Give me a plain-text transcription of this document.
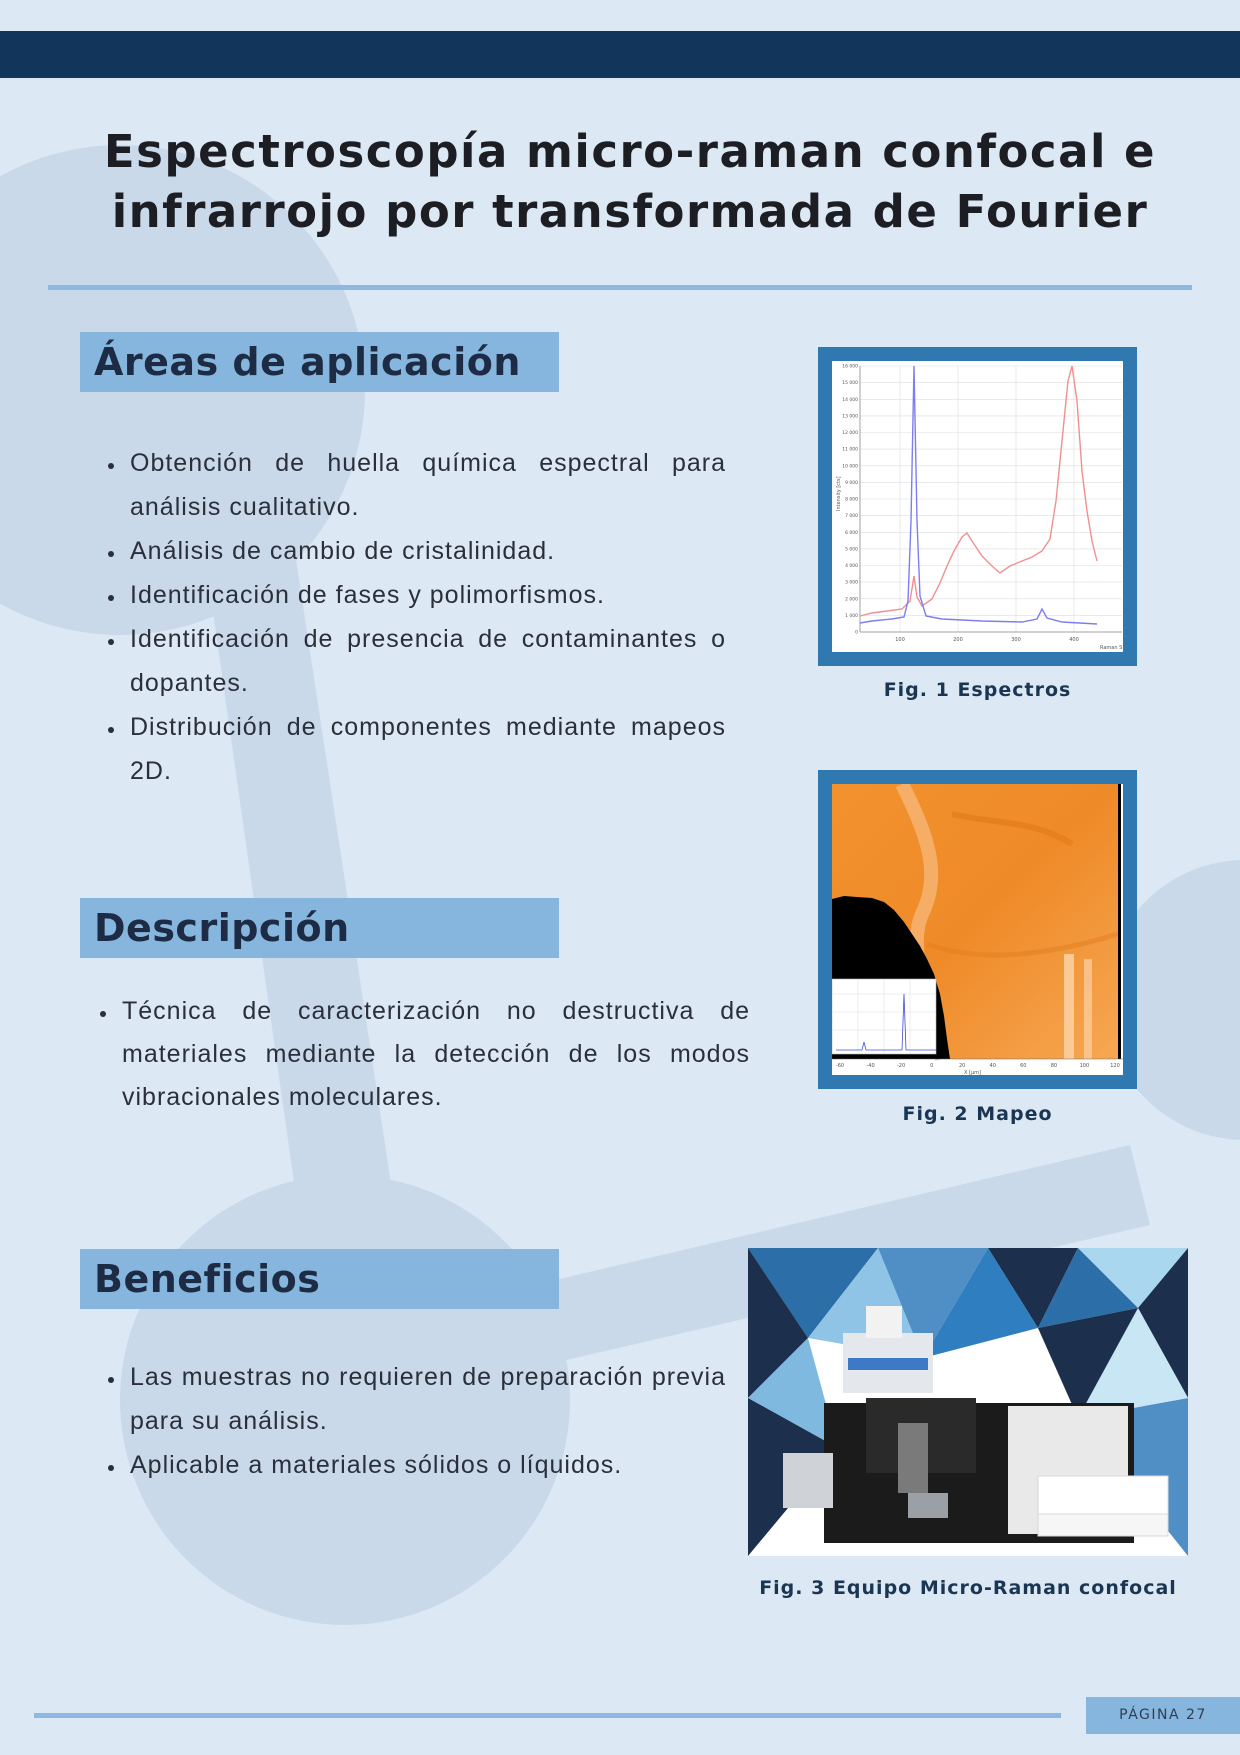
Espectroscopía micro-raman confocal e
infrarrojo por transformada de Fourier
Áreas de aplicación
• Obtención de huella química espectral para análisis cualitativo.
• Análisis de cambio de cristalinidad.
• Identificación de fases y polimorfismos.
• Identificación de presencia de contaminantes o dopantes.
• Distribución de componentes mediante mapeos 2D.
Descripción
• Técnica de caracterización no destructiva de materiales mediante la detección de los modos vibracionales moleculares.
Beneficios
• Las muestras no requieren de preparación previa para su análisis.
• Aplicable a materiales sólidos o líquidos.
16 000
15 000
14 000
13 000
12 000
11 000
10 000
9 000
8 000
7 000
6 000
5 000
4 000
3 000
2 000
1 000
0
100	200	300	400
Intensity [cts]
Raman S
Fig. 1 Espectros
-60	-40	-20	0	20	40	60	80	100	120
X [µm]
Fig. 2 Mapeo
Fig. 3 Equipo Micro-Raman confocal
PÁGINA 27
